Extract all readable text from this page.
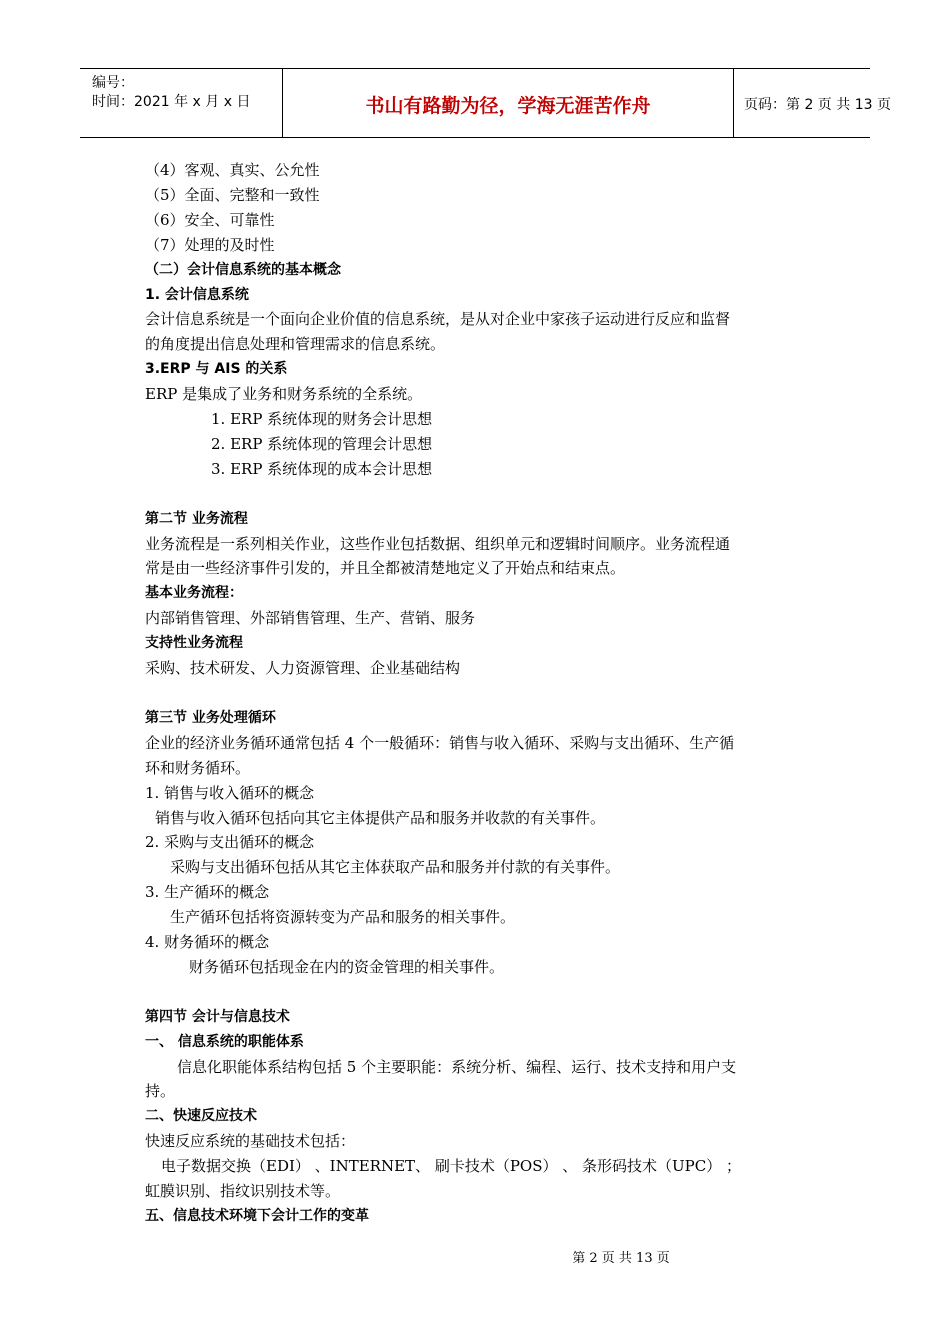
编号：
时间：2021 年 x 月 x 日	书山有路勤为径，学海无涯苦作舟	页码：第 2 页 共 13 页

（4）客观、真实、公允性

（5）全面、完整和一致性

（6）安全、可靠性

（7）处理的及时性

（二）会计信息系统的基本概念

1. 会计信息系统

会计信息系统是一个面向企业价值的信息系统，是从对企业中家孩子运动进行反应和监督

的角度提出信息处理和管理需求的信息系统。

3.ERP 与 AIS 的关系

ERP 是集成了业务和财务系统的全系统。

1. ERP 系统体现的财务会计思想

2. ERP 系统体现的管理会计思想

3. ERP 系统体现的成本会计思想

第二节 业务流程

业务流程是一系列相关作业，这些作业包括数据、组织单元和逻辑时间顺序。业务流程通

常是由一些经济事件引发的，并且全都被清楚地定义了开始点和结束点。

基本业务流程：

内部销售管理、外部销售管理、生产、营销、服务

支持性业务流程

采购、技术研发、人力资源管理、企业基础结构

第三节 业务处理循环

企业的经济业务循环通常包括 4 个一般循环：销售与收入循环、采购与支出循环、生产循

环和财务循环。

1. 销售与收入循环的概念

销售与收入循环包括向其它主体提供产品和服务并收款的有关事件。

2. 采购与支出循环的概念

采购与支出循环包括从其它主体获取产品和服务并付款的有关事件。

3. 生产循环的概念

生产循环包括将资源转变为产品和服务的相关事件。

4. 财务循环的概念

财务循环包括现金在内的资金管理的相关事件。

第四节 会计与信息技术

一、 信息系统的职能体系

信息化职能体系结构包括 5 个主要职能：系统分析、编程、运行、技术支持和用户支

持。

二、快速反应技术

快速反应系统的基础技术包括：

电子数据交换（EDI） 、INTERNET、 刷卡技术（POS） 、 条形码技术（UPC） ；

虹膜识别、指纹识别技术等。

五、信息技术环境下会计工作的变革

第 2 页 共 13 页
